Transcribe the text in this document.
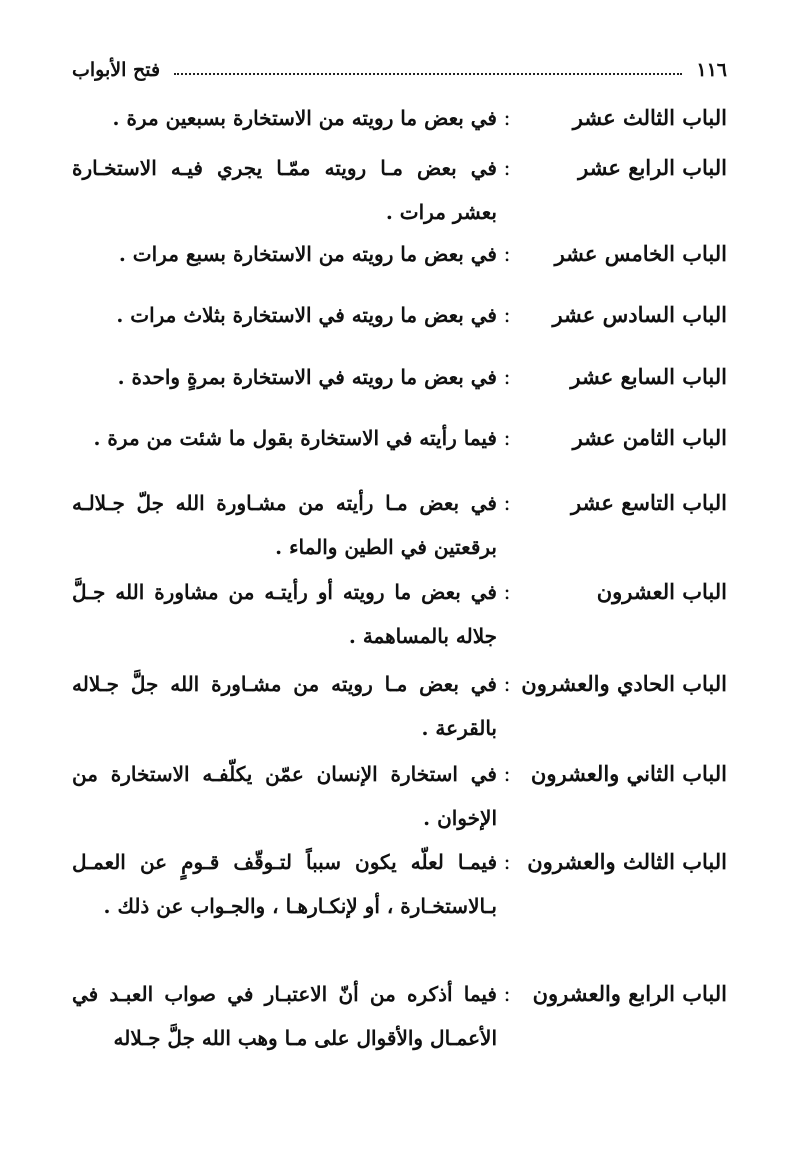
١١٦
فتح الأبواب
الباب الثالث عشر
:
في بعض ما رويته من الاستخارة بسبعين مرة .
الباب الرابع عشر
:
في بعض مـا رويته ممّـا يجري فيـه الاستخـارة بعشر مرات .
الباب الخامس عشر
:
في بعض ما رويته من الاستخارة بسبع مرات .
الباب السادس عشر
:
في بعض ما رويته في الاستخارة بثلاث مرات .
الباب السابع عشر
:
في بعض ما رويته في الاستخارة بمرةٍ واحدة .
الباب الثامن عشر
:
فيما رأيته في الاستخارة بقول ما شئت من مرة .
الباب التاسع عشر
:
في بعض مـا رأيته من مشـاورة الله جلّ جـلالـه برقعتين في الطين والماء .
الباب العشرون
:
في بعض ما رويته أو رأيتـه من مشاورة الله جـلَّ جلاله بالمساهمة .
الباب الحادي والعشرون
:
في بعض مـا رويته من مشـاورة الله جلَّ جـلاله بالقرعة .
الباب الثاني والعشرون
:
في استخارة الإنسان عمّن يكلّفـه الاستخارة من الإخوان .
الباب الثالث والعشرون
:
فيمـا لعلّه يكون سبباً لتـوقّف قـومٍ عن العمـل بـالاستخـارة ، أو لإنكـارهـا ، والجـواب عن ذلك .
الباب الرابع والعشرون
:
فيما أذكره من أنّ الاعتبـار في صواب العبـد في الأعمـال والأقوال على مـا وهب الله جلَّ جـلاله
